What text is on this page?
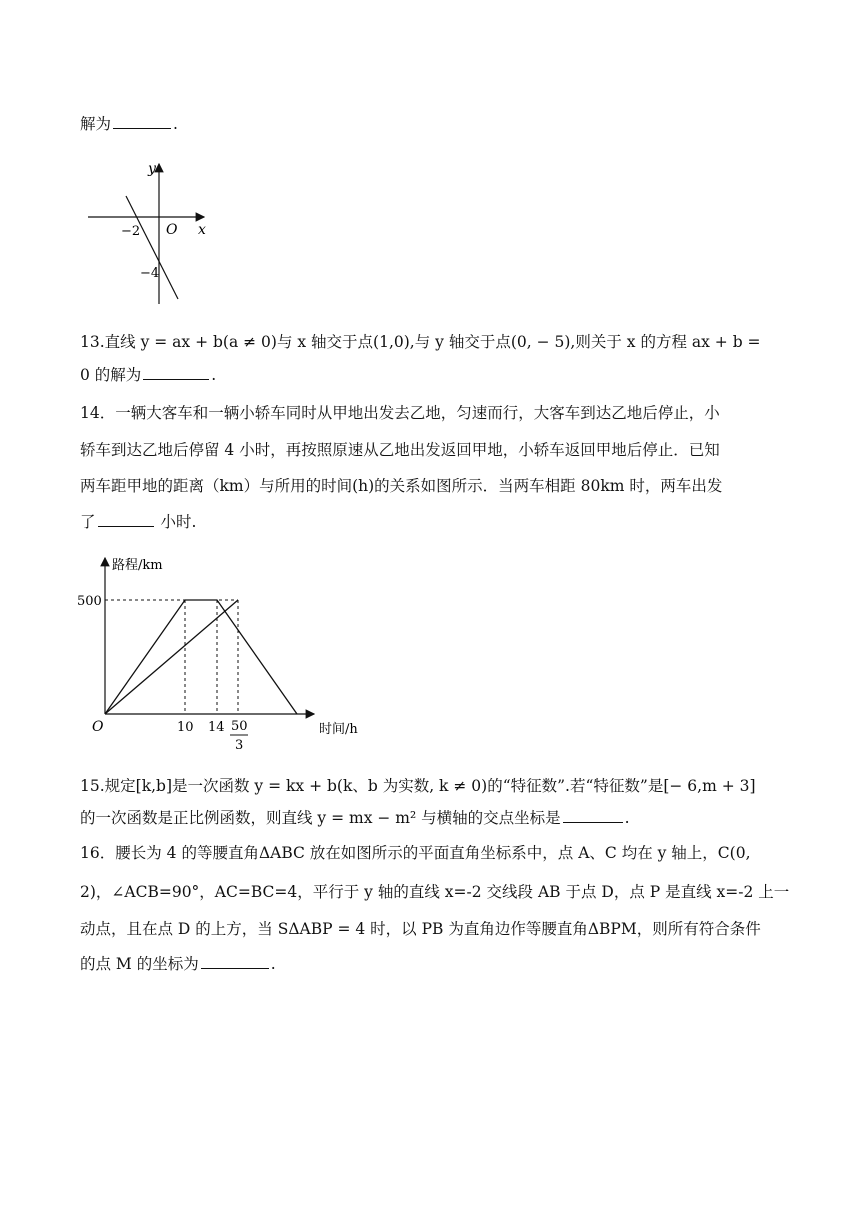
解为	.
y
x
O
−2
−4
13.直线 y = ax + b(a ≠ 0)与 x 轴交于点(1,0),与 y 轴交于点(0, − 5),则关于 x 的方程 ax + b =
0 的解为	.
14．一辆大客车和一辆小轿车同时从甲地出发去乙地，匀速而行，大客车到达乙地后停止，小
轿车到达乙地后停留 4 小时，再按照原速从乙地出发返回甲地，小轿车返回甲地后停止．已知
两车距甲地的距离（km）与所用的时间(h)的关系如图所示．当两车相距 80km 时，两车出发
了	小时.
路程/km
时间/h
O
500
10 14 50
3
15.规定[k,b]是一次函数 y = kx + b(k、b 为实数, k ≠ 0)的“特征数”.若“特征数”是[− 6,m + 3]
的一次函数是正比例函数，则直线 y = mx − m² 与横轴的交点坐标是	.
16．腰长为 4 的等腰直角ΔABC 放在如图所示的平面直角坐标系中，点 A、C 均在 y 轴上，C(0,
2)，∠ACB=90°，AC=BC=4，平行于 y 轴的直线 x=-2 交线段 AB 于点 D，点 P 是直线 x=-2 上一
动点，且在点 D 的上方，当 SΔABP = 4 时，以 PB 为直角边作等腰直角ΔBPM，则所有符合条件
的点 M 的坐标为	.
